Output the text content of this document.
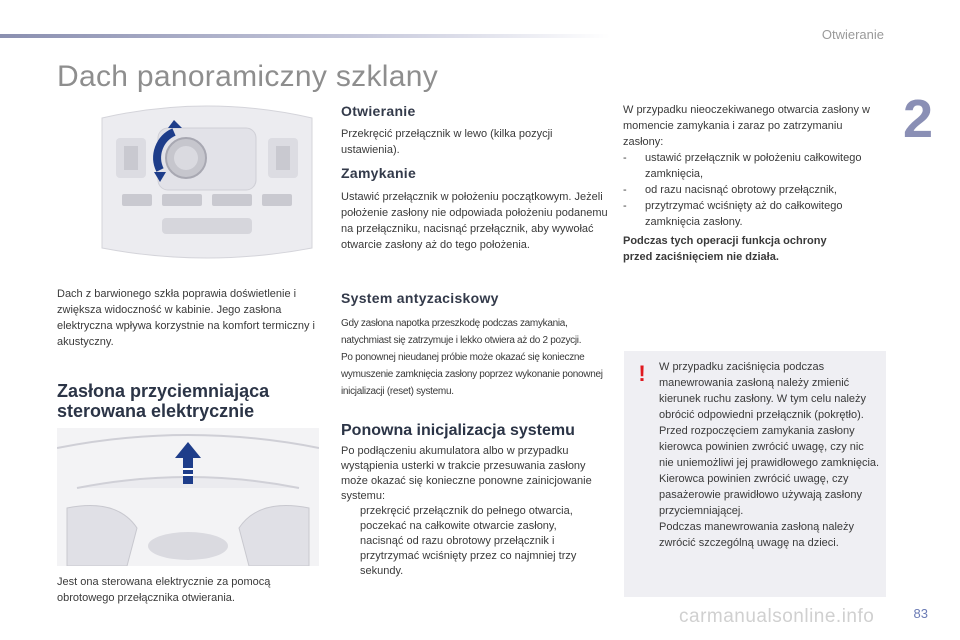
Otwieranie
2
Dach panoramiczny szklany
Dach z barwionego szkła poprawia doświetlenie i zwiększa widoczność w kabinie. Jego zasłona elektryczna wpływa korzystnie na komfort termiczny i akustyczny.
Zasłona przyciemniająca
sterowana elektrycznie
Jest ona sterowana elektrycznie za pomocą obrotowego przełącznika otwierania.
Otwieranie
Przekręcić przełącznik w lewo (kilka pozycji ustawienia).
Zamykanie
Ustawić przełącznik w położeniu początkowym. Jeżeli położenie zasłony nie odpowiada położeniu podanemu na przełączniku, nacisnąć przełącznik, aby wywołać otwarcie zasłony aż do tego położenia.
System antyzaciskowy
Gdy zasłona napotka przeszkodę podczas zamykania, natychmiast się zatrzymuje i lekko otwiera aż do 2 pozycji.
Po ponownej nieudanej próbie może okazać się konieczne wymuszenie zamknięcia zasłony poprzez wykonanie ponownej inicjalizacji (reset) systemu.
Ponowna inicjalizacja systemu
Po podłączeniu akumulatora albo w przypadku wystąpienia usterki w trakcie przesuwania zasłony może okazać się konieczne ponowne zainicjowanie systemu:
przekręcić przełącznik do pełnego otwarcia,
poczekać na całkowite otwarcie zasłony,
nacisnąć od razu obrotowy przełącznik i przytrzymać wciśnięty przez co najmniej trzy sekundy.
W przypadku nieoczekiwanego otwarcia zasłony w momencie zamykania i zaraz po zatrzymaniu zasłony:
- ustawić przełącznik w położeniu całkowitego zamknięcia,
- od razu nacisnąć obrotowy przełącznik,
- przytrzymać wciśnięty aż do całkowitego zamknięcia zasłony.
Podczas tych operacji funkcja ochrony
przed zaciśnięciem nie działa.
!	W przypadku zaciśnięcia podczas manewrowania zasłoną należy zmienić kierunek ruchu zasłony. W tym celu należy obrócić odpowiedni przełącznik (pokrętło).
Przed rozpoczęciem zamykania zasłony kierowca powinien zwrócić uwagę, czy nic nie uniemożliwi jej prawidłowego zamknięcia.
Kierowca powinien zwrócić uwagę, czy pasażerowie prawidłowo używają zasłony przyciemniającej.
Podczas manewrowania zasłoną należy zwrócić szczególną uwagę na dzieci.
carmanualsonline.info	83
